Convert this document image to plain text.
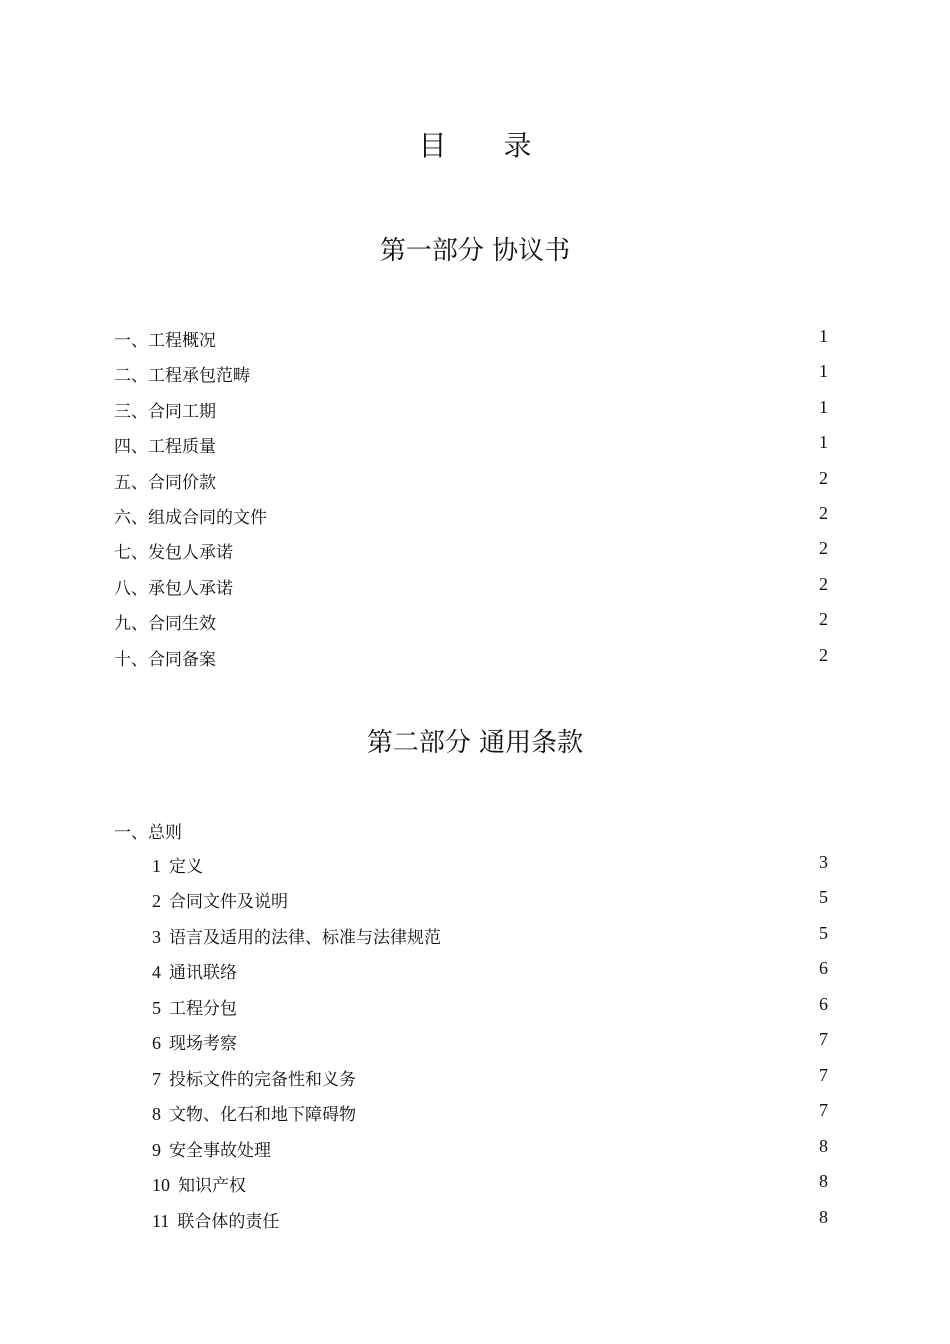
目 录
第一部分 协议书
一、工程概况	1
二、工程承包范畴	1
三、合同工期	1
四、工程质量	1
五、合同价款	2
六、组成合同的文件	2
七、发包人承诺	2
八、承包人承诺	2
九、合同生效	2
十、合同备案	2
第二部分 通用条款
一、总则
1 定义	3
2 合同文件及说明	5
3 语言及适用的法律、标准与法律规范	5
4 通讯联络	6
5 工程分包	6
6 现场考察	7
7 投标文件的完备性和义务	7
8 文物、化石和地下障碍物	7
9 安全事故处理	8
10 知识产权	8
11 联合体的责任	8
